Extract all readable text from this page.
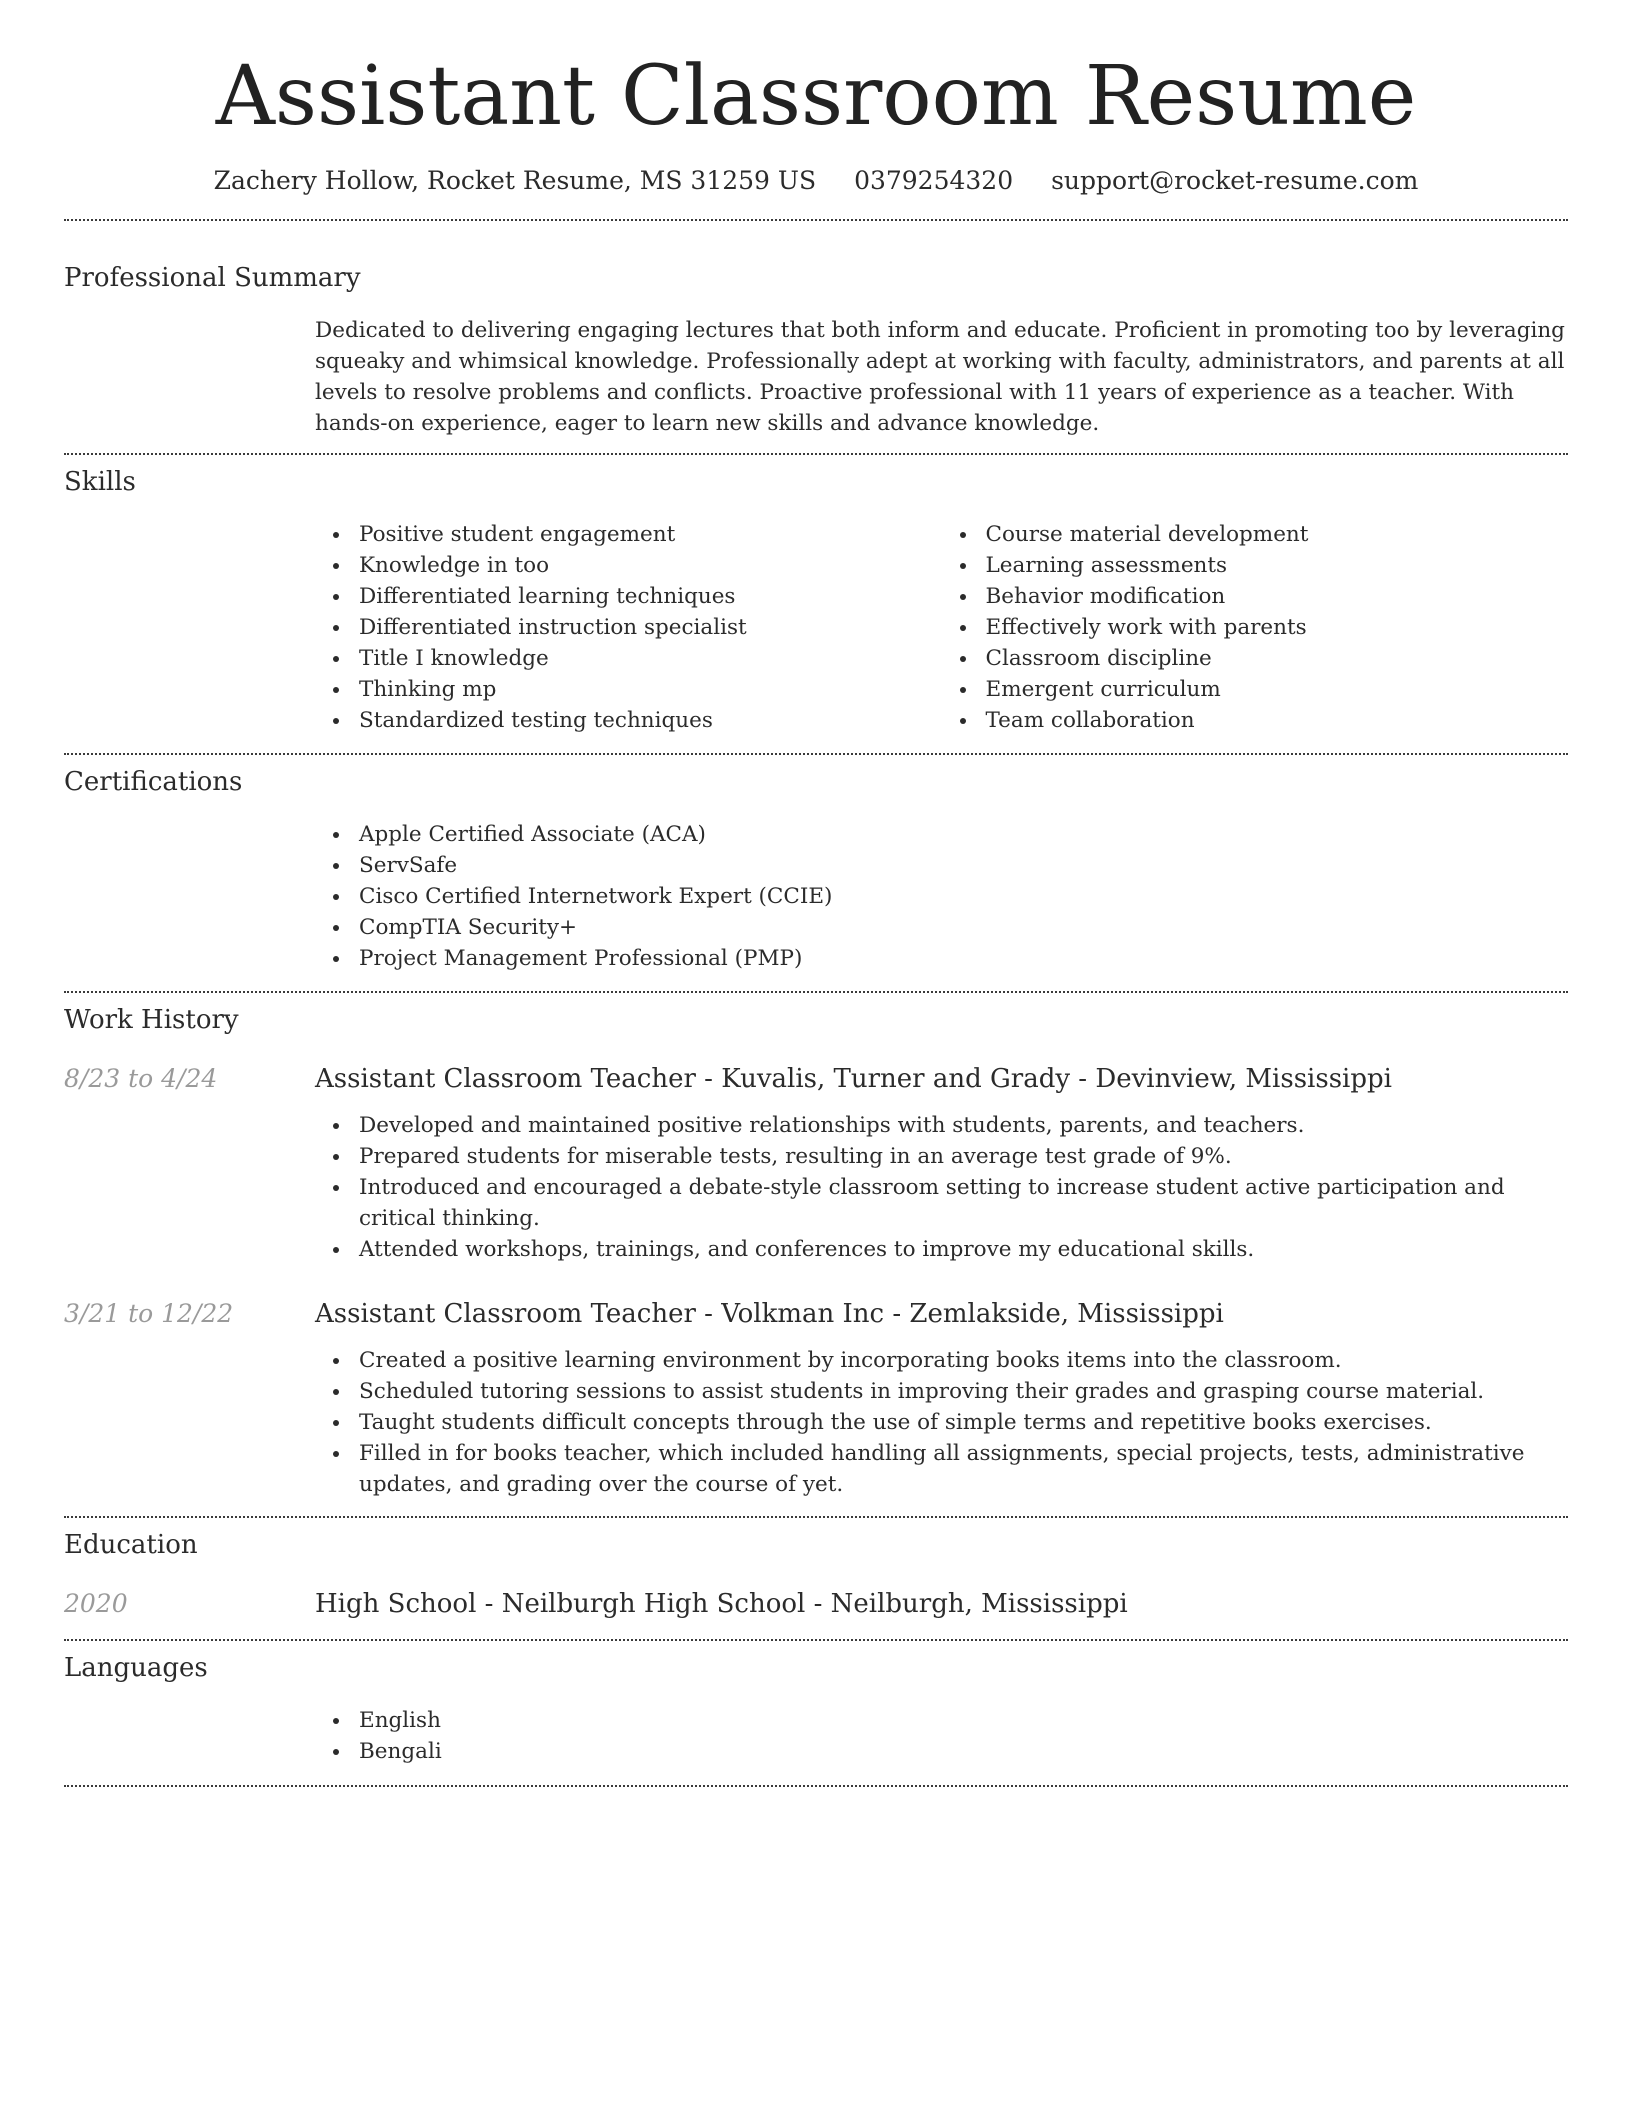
Assistant Classroom Resume
Zachery Hollow, Rocket Resume, MS 31259 US 0379254320 support@rocket-resume.com
Professional Summary

Dedicated to delivering engaging lectures that both inform and educate. Proficient in promoting too by leveraging squeaky and whimsical knowledge. Professionally adept at working with faculty, administrators, and parents at all levels to resolve problems and conflicts. Proactive professional with 11 years of experience as a teacher. With hands-on experience, eager to learn new skills and advance knowledge.

Skills
Positive student engagement
Knowledge in too
Differentiated learning techniques
Differentiated instruction specialist
Title I knowledge
Thinking mp
Standardized testing techniques
Course material development
Learning assessments
Behavior modification
Effectively work with parents
Classroom discipline
Emergent curriculum
Team collaboration
Certifications
Apple Certified Associate (ACA)
ServSafe
Cisco Certified Internetwork Expert (CCIE)
CompTIA Security+
Project Management Professional (PMP)
Work History
8/23 to 4/24	Assistant Classroom Teacher - Kuvalis, Turner and Grady - Devinview, Mississippi
Developed and maintained positive relationships with students, parents, and teachers.
Prepared students for miserable tests, resulting in an average test grade of 9%.
Introduced and encouraged a debate-style classroom setting to increase student active participation and critical thinking.
Attended workshops, trainings, and conferences to improve my educational skills.
3/21 to 12/22	Assistant Classroom Teacher - Volkman Inc - Zemlakside, Mississippi
Created a positive learning environment by incorporating books items into the classroom.
Scheduled tutoring sessions to assist students in improving their grades and grasping course material.
Taught students difficult concepts through the use of simple terms and repetitive books exercises.
Filled in for books teacher, which included handling all assignments, special projects, tests, administrative updates, and grading over the course of yet.
Education
2020	High School - Neilburgh High School - Neilburgh, Mississippi
Languages
English
Bengali
